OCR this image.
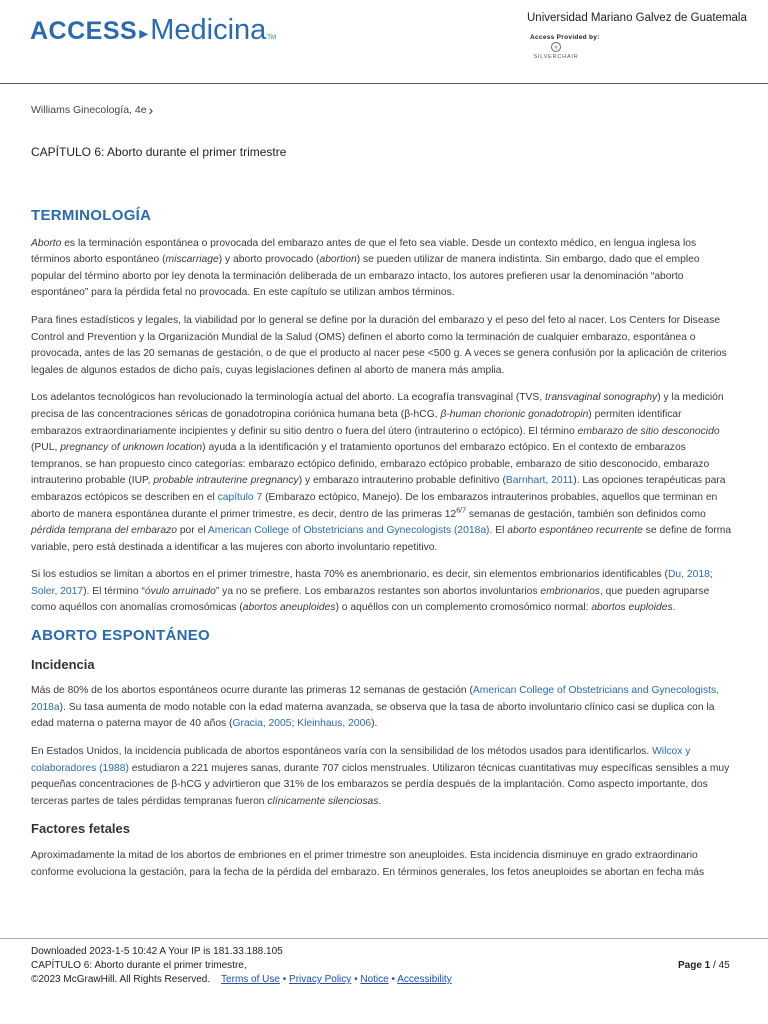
ACCESS ▸ Medicina TM
Universidad Mariano Galvez de Guatemala
Access Provided by:
SILVERCHAIR
Williams Ginecología, 4e ›
CAPÍTULO 6: Aborto durante el primer trimestre
TERMINOLOGÍA
Aborto es la terminación espontánea o provocada del embarazo antes de que el feto sea viable. Desde un contexto médico, en lengua inglesa los términos aborto espontáneo (miscarriage) y aborto provocado (abortion) se pueden utilizar de manera indistinta. Sin embargo, dado que el empleo popular del término aborto por ley denota la terminación deliberada de un embarazo intacto, los autores prefieren usar la denominación “aborto espontáneo” para la pérdida fetal no provocada. En este capítulo se utilizan ambos términos.
Para fines estadísticos y legales, la viabilidad por lo general se define por la duración del embarazo y el peso del feto al nacer. Los Centers for Disease Control and Prevention y la Organización Mundial de la Salud (OMS) definen el aborto como la terminación de cualquier embarazo, espontánea o provocada, antes de las 20 semanas de gestación, o de que el producto al nacer pese <500 g. A veces se genera confusión por la aplicación de criterios legales de algunos estados de dicho país, cuyas legislaciones definen al aborto de manera más amplia.
Los adelantos tecnológicos han revolucionado la terminología actual del aborto. La ecografía transvaginal (TVS, transvaginal sonography) y la medición precisa de las concentraciones séricas de gonadotropina coriónica humana beta (β-hCG, β-human chorionic gonadotropin) permiten identificar embarazos extraordinariamente incipientes y definir su sitio dentro o fuera del útero (intrauterino o ectópico). El término embarazo de sitio desconocido (PUL, pregnancy of unknown location) ayuda a la identificación y el tratamiento oportunos del embarazo ectópico. En el contexto de embarazos tempranos, se han propuesto cinco categorías: embarazo ectópico definido, embarazo ectópico probable, embarazo de sitio desconocido, embarazo intrauterino probable (IUP, probable intrauterine pregnancy) y embarazo intrauterino probable definitivo (Barnhart, 2011). Las opciones terapéuticas para embarazos ectópicos se describen en el capítulo 7 (Embarazo ectópico, Manejo). De los embarazos intrauterinos probables, aquellos que terminan en aborto de manera espontánea durante el primer trimestre, es decir, dentro de las primeras $12^{6/7}$ semanas de gestación, también son definidos como pérdida temprana del embarazo por el American College of Obstetricians and Gynecologists (2018a). El aborto espontáneo recurrente se define de forma variable, pero está destinada a identificar a las mujeres con aborto involuntario repetitivo.
Si los estudios se limitan a abortos en el primer trimestre, hasta 70% es anembrionario, es decir, sin elementos embrionarios identificables (Du, 2018; Soler, 2017). El término “óvulo arruinado” ya no se prefiere. Los embarazos restantes son abortos involuntarios embrionarios, que pueden agruparse como aquéllos con anomalías cromosómicas (abortos aneuploides) o aquéllos con un complemento cromosómico normal: abortos euploides.
ABORTO ESPONTÁNEO
Incidencia
Más de 80% de los abortos espontáneos ocurre durante las primeras 12 semanas de gestación (American College of Obstetricians and Gynecologists, 2018a). Su tasa aumenta de modo notable con la edad materna avanzada, se observa que la tasa de aborto involuntario clínico casi se duplica con la edad materna o paterna mayor de 40 años (Gracia, 2005; Kleinhaus, 2006).
En Estados Unidos, la incidencia publicada de abortos espontáneos varía con la sensibilidad de los métodos usados para identificarlos. Wilcox y colaboradores (1988) estudiaron a 221 mujeres sanas, durante 707 ciclos menstruales. Utilizaron técnicas cuantitativas muy específicas sensibles a muy pequeñas concentraciones de β-hCG y advirtieron que 31% de los embarazos se perdía después de la implantación. Como aspecto importante, dos terceras partes de tales pérdidas tempranas fueron clínicamente silenciosas.
Factores fetales
Aproximadamente la mitad de los abortos de embriones en el primer trimestre son aneuploides. Esta incidencia disminuye en grado extraordinario conforme evoluciona la gestación, para la fecha de la pérdida del embarazo. En términos generales, los fetos aneuploides se abortan en fecha más
Downloaded 2023-1-5 10:42 A Your IP is 181.33.188.105
CAPÍTULO 6: Aborto durante el primer trimestre,
©2023 McGrawHill. All Rights Reserved. Terms of Use • Privacy Policy • Notice • Accessibility
Page 1 / 45
